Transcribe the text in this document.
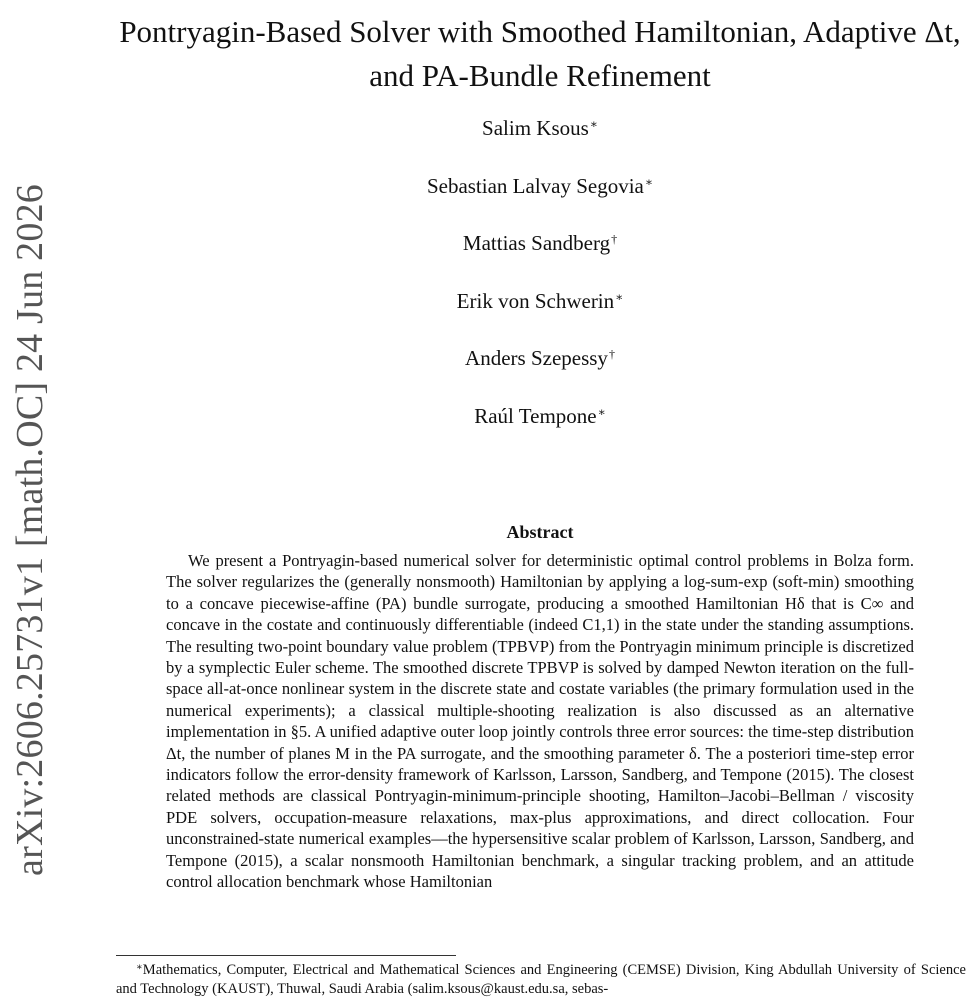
arXiv:2606.25731v1 [math.OC] 24 Jun 2026
Pontryagin-Based Solver with Smoothed Hamiltonian, Adaptive Δt, and PA-Bundle Refinement
Salim Ksous∗
Sebastian Lalvay Segovia∗
Mattias Sandberg†
Erik von Schwerin∗
Anders Szepessy†
Raúl Tempone∗
Abstract
We present a Pontryagin-based numerical solver for deterministic optimal control problems in Bolza form. The solver regularizes the (generally nonsmooth) Hamiltonian by applying a log-sum-exp (soft-min) smoothing to a concave piecewise-affine (PA) bundle surrogate, producing a smoothed Hamiltonian Hδ that is C∞ and concave in the costate and continuously differentiable (indeed C1,1) in the state under the standing assumptions. The resulting two-point boundary value problem (TPBVP) from the Pontryagin minimum principle is discretized by a symplectic Euler scheme. The smoothed discrete TPBVP is solved by damped Newton iteration on the full-space all-at-once nonlinear system in the discrete state and costate variables (the primary formulation used in the numerical experiments); a classical multiple-shooting realization is also discussed as an alternative implementation in §5. A unified adaptive outer loop jointly controls three error sources: the time-step distribution Δt, the number of planes M in the PA surrogate, and the smoothing parameter δ. The a posteriori time-step error indicators follow the error-density framework of Karlsson, Larsson, Sandberg, and Tempone (2015). The closest related methods are classical Pontryagin-minimum-principle shooting, Hamilton–Jacobi–Bellman / viscosity PDE solvers, occupation-measure relaxations, max-plus approximations, and direct collocation. Four unconstrained-state numerical examples—the hypersensitive scalar problem of Karlsson, Larsson, Sandberg, and Tempone (2015), a scalar nonsmooth Hamiltonian benchmark, a singular tracking problem, and an attitude control allocation benchmark whose Hamiltonian
∗Mathematics, Computer, Electrical and Mathematical Sciences and Engineering (CEMSE) Division, King Abdullah University of Science and Technology (KAUST), Thuwal, Saudi Arabia (salim.ksous@kaust.edu.sa, sebas-
